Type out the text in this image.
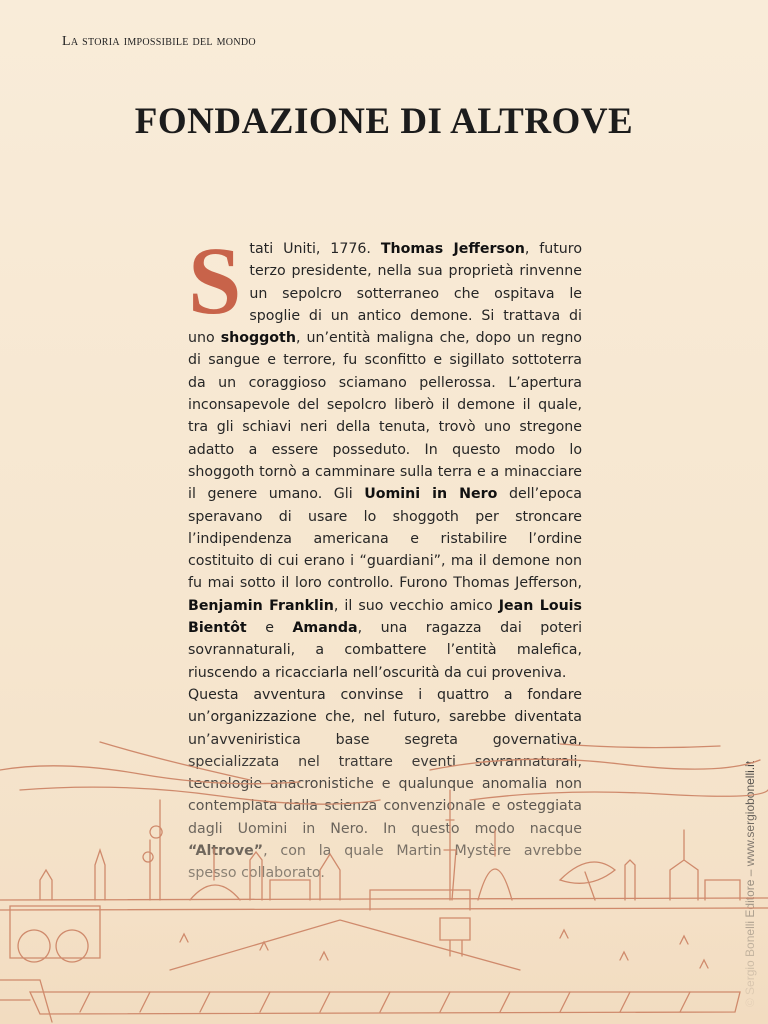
La storia impossibile del mondo
FONDAZIONE DI ALTROVE

Stati Uniti, 1776. Thomas Jefferson, futuro terzo presidente, nella sua proprietà rinvenne un sepolcro sotterraneo che ospitava le spoglie di un antico demone. Si trattava di uno shoggoth, un’entità maligna che, dopo un regno di sangue e terrore, fu sconfitto e sigillato sottoterra da un coraggioso sciamano pellerossa. L’apertura inconsapevole del sepolcro liberò il demone il quale, tra gli schiavi neri della tenuta, trovò uno stregone adatto a essere posseduto. In questo modo lo shoggoth tornò a camminare sulla terra e a minacciare il genere umano. Gli Uomini in Nero dell’epoca speravano di usare lo shoggoth per stroncare l’indipendenza americana e ristabilire l’ordine costituito di cui erano i “guardiani”, ma il demone non fu mai sotto il loro controllo. Furono Thomas Jefferson, Benjamin Franklin, il suo vecchio amico Jean Louis Bientôt e Amanda, una ragazza dai poteri sovrannaturali, a combattere l’entità malefica, riuscendo a ricacciarla nell’oscurità da cui proveniva.

Questa avventura convinse i quattro a fondare un’organizzazione che, nel futuro, sarebbe diventata
